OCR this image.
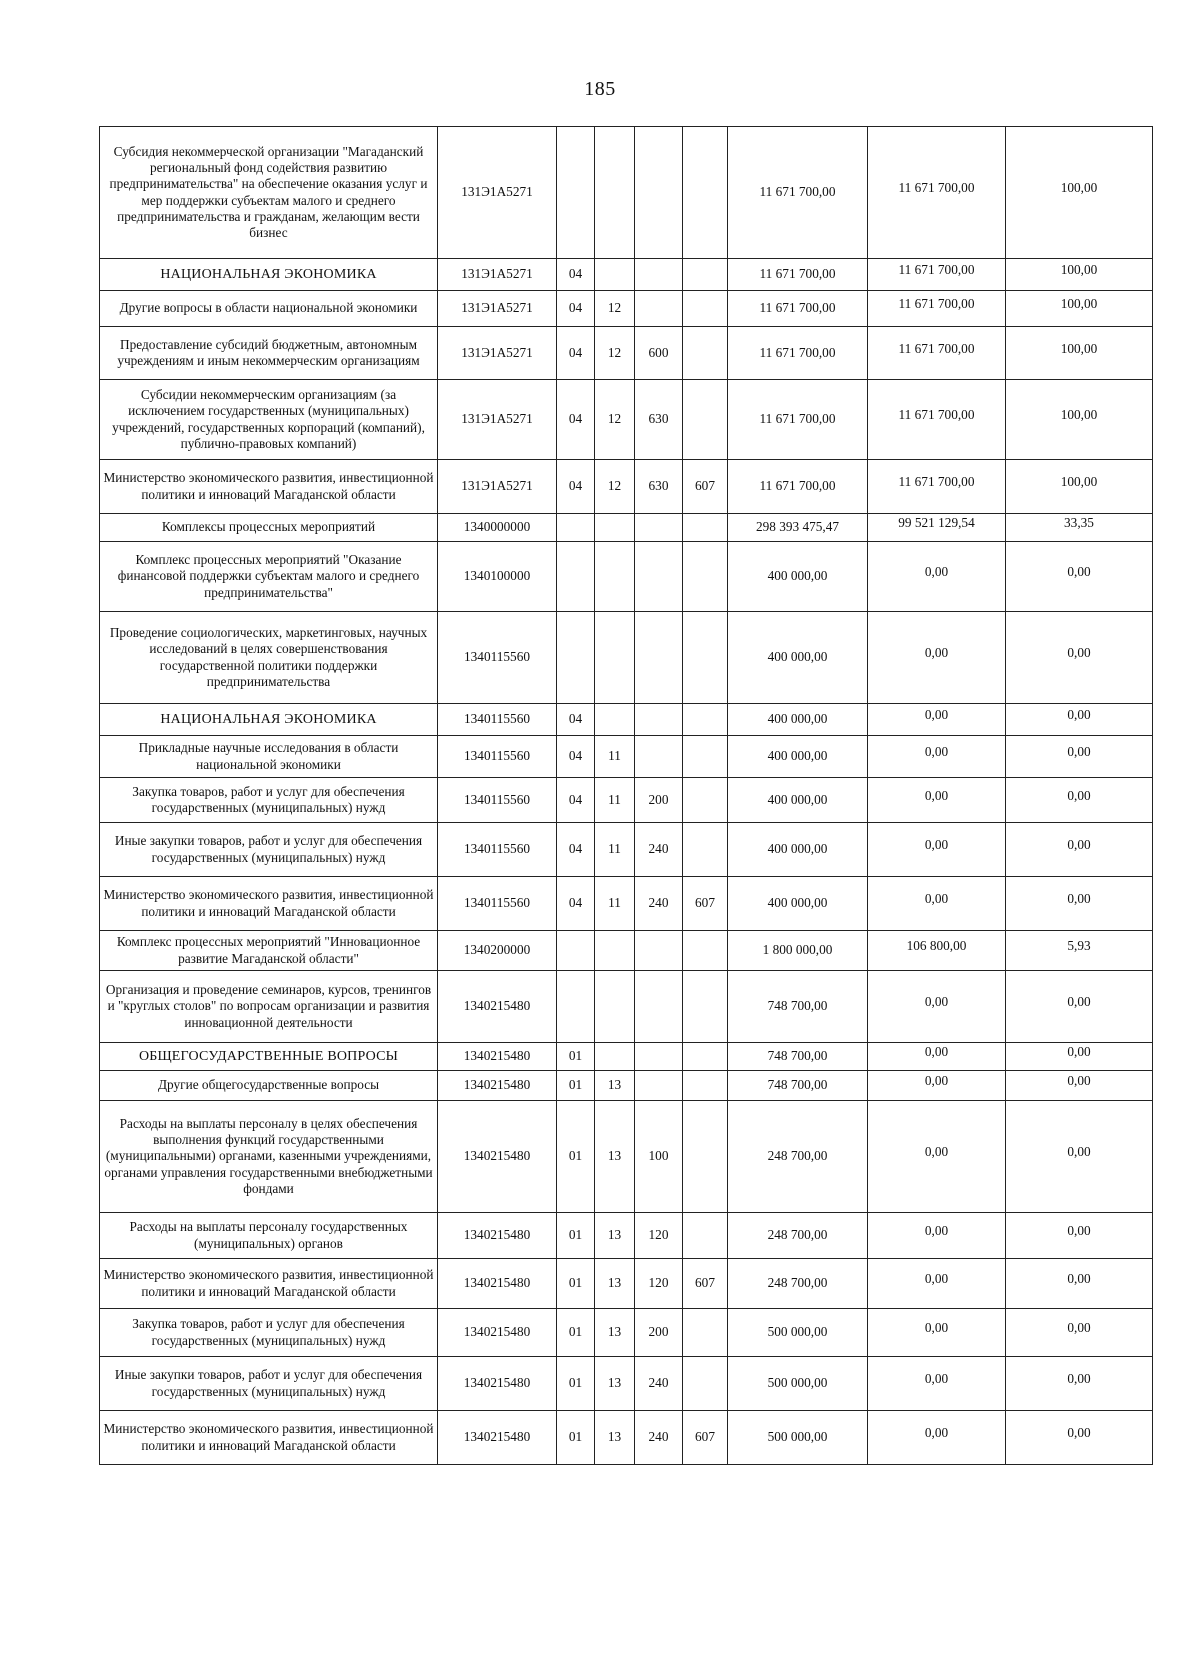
185
Субсидия некоммерческой организации "Магаданский региональный фонд содействия развитию предпринимательства" на обеспечение оказания услуг и мер поддержки субъектам малого и среднего предпринимательства и гражданам, желающим вести бизнес	131Э1А5271					11 671 700,00	11 671 700,00	100,00
НАЦИОНАЛЬНАЯ ЭКОНОМИКА	131Э1А5271	04				11 671 700,00	11 671 700,00	100,00
Другие вопросы в области национальной экономики	131Э1А5271	04	12			11 671 700,00	11 671 700,00	100,00
Предоставление субсидий бюджетным, автономным учреждениям и иным некоммерческим организациям	131Э1А5271	04	12	600		11 671 700,00	11 671 700,00	100,00
Субсидии некоммерческим организациям (за исключением государственных (муниципальных) учреждений, государственных корпораций (компаний), публично-правовых компаний)	131Э1А5271	04	12	630		11 671 700,00	11 671 700,00	100,00
Министерство экономического развития, инвестиционной политики и инноваций Магаданской области	131Э1А5271	04	12	630	607	11 671 700,00	11 671 700,00	100,00
Комплексы процессных мероприятий	1340000000					298 393 475,47	99 521 129,54	33,35
Комплекс процессных мероприятий "Оказание финансовой поддержки субъектам малого и среднего предпринимательства"	1340100000					400 000,00	0,00	0,00
Проведение социологических, маркетинговых, научных исследований в целях совершенствования государственной политики поддержки предпринимательства	1340115560					400 000,00	0,00	0,00
НАЦИОНАЛЬНАЯ ЭКОНОМИКА	1340115560	04				400 000,00	0,00	0,00
Прикладные научные исследования в области национальной экономики	1340115560	04	11			400 000,00	0,00	0,00
Закупка товаров, работ и услуг для обеспечения государственных (муниципальных) нужд	1340115560	04	11	200		400 000,00	0,00	0,00
Иные закупки товаров, работ и услуг для обеспечения государственных (муниципальных) нужд	1340115560	04	11	240		400 000,00	0,00	0,00
Министерство экономического развития, инвестиционной политики и инноваций Магаданской области	1340115560	04	11	240	607	400 000,00	0,00	0,00
Комплекс процессных мероприятий "Инновационное развитие Магаданской области"	1340200000					1 800 000,00	106 800,00	5,93
Организация и проведение семинаров, курсов, тренингов и "круглых столов" по вопросам организации и развития инновационной деятельности	1340215480					748 700,00	0,00	0,00
ОБЩЕГОСУДАРСТВЕННЫЕ ВОПРОСЫ	1340215480	01				748 700,00	0,00	0,00
Другие общегосударственные вопросы	1340215480	01	13			748 700,00	0,00	0,00
Расходы на выплаты персоналу в целях обеспечения выполнения функций государственными (муниципальными) органами, казенными учреждениями, органами управления государственными внебюджетными фондами	1340215480	01	13	100		248 700,00	0,00	0,00
Расходы на выплаты персоналу государственных (муниципальных) органов	1340215480	01	13	120		248 700,00	0,00	0,00
Министерство экономического развития, инвестиционной политики и инноваций Магаданской области	1340215480	01	13	120	607	248 700,00	0,00	0,00
Закупка товаров, работ и услуг для обеспечения государственных (муниципальных) нужд	1340215480	01	13	200		500 000,00	0,00	0,00
Иные закупки товаров, работ и услуг для обеспечения государственных (муниципальных) нужд	1340215480	01	13	240		500 000,00	0,00	0,00
Министерство экономического развития, инвестиционной политики и инноваций Магаданской области	1340215480	01	13	240	607	500 000,00	0,00	0,00
